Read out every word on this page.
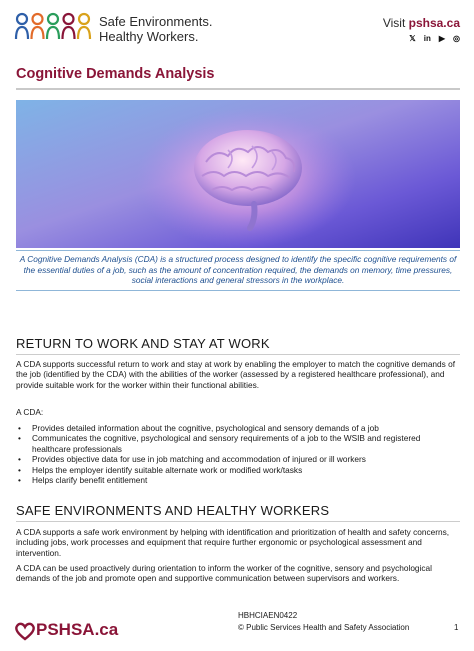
Safe Environments.
Healthy Workers.
Visit pshsa.ca
𝕏 in ▶ ◎
Cognitive Demands Analysis

A Cognitive Demands Analysis (CDA) is a structured process designed to identify the specific cognitive requirements of the essential duties of a job, such as the amount of concentration required, the demands on memory, time pressures, social interactions and general stressors in the workplace.

RETURN TO WORK AND STAY AT WORK
A CDA supports successful return to work and stay at work by enabling the employer to match the cognitive demands of the job (identified by the CDA) with the abilities of the worker (assessed by a registered healthcare professional), and provide suitable work for the worker within their functional abilities.
A CDA:
• Provides detailed information about the cognitive, psychological and sensory demands of a job
• Communicates the cognitive, psychological and sensory requirements of a job to the WSIB and registered healthcare professionals
• Provides objective data for use in job matching and accommodation of injured or ill workers
• Helps the employer identify suitable alternate work or modified work/tasks
• Helps clarify benefit entitlement
SAFE ENVIRONMENTS AND HEALTHY WORKERS
A CDA supports a safe work environment by helping with identification and prioritization of health and safety concerns, including jobs, work processes and equipment that require further ergonomic or psychological assessment and intervention.
A CDA can be used proactively during orientation to inform the worker of the cognitive, sensory and psychological demands of the job and promote open and supportive communication between supervisors and workers.
PSHSA.ca
HBHCIAEN0422
© Public Services Health and Safety Association	1
